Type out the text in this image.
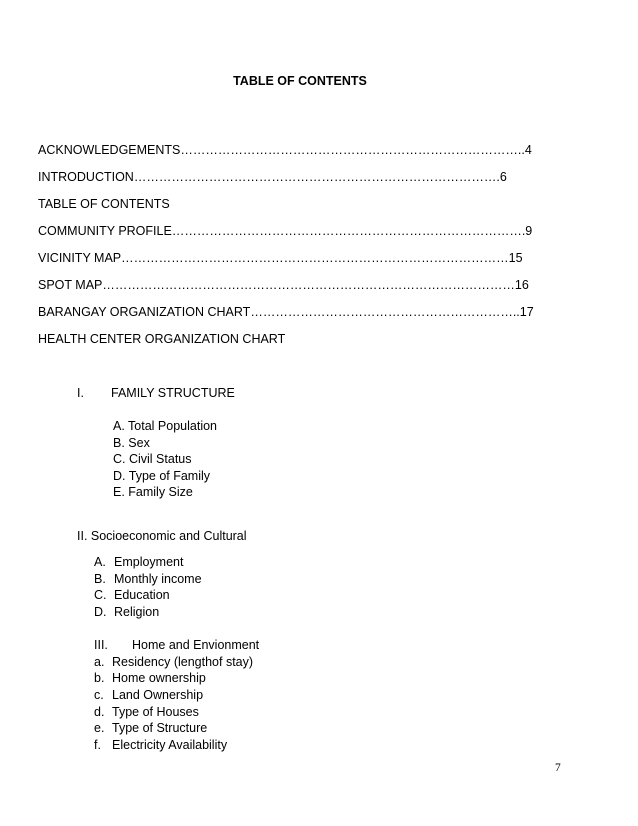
TABLE OF CONTENTS
ACKNOWLEDGEMENTS………………………………………………………………………..4
INTRODUCTION…………………………………………………………………………….6
TABLE OF CONTENTS
COMMUNITY PROFILE………………………………………………………………………….9
VICINITY MAP…………………………………………………………………………………15
SPOT MAP………………………………………………………………………………………16
BARANGAY ORGANIZATION CHART………………………………………………………..17
HEALTH CENTER ORGANIZATION CHART
I. FAMILY STRUCTURE
A. Total Population
B. Sex
C. Civil Status
D. Type of Family
E. Family Size
II. Socioeconomic and Cultural
A. Employment
B. Monthly income
C. Education
D. Religion
III. Home and Envionment
a. Residency (lengthof stay)
b. Home ownership
c. Land Ownership
d. Type of Houses
e. Type of Structure
f. Electricity Availability
7
